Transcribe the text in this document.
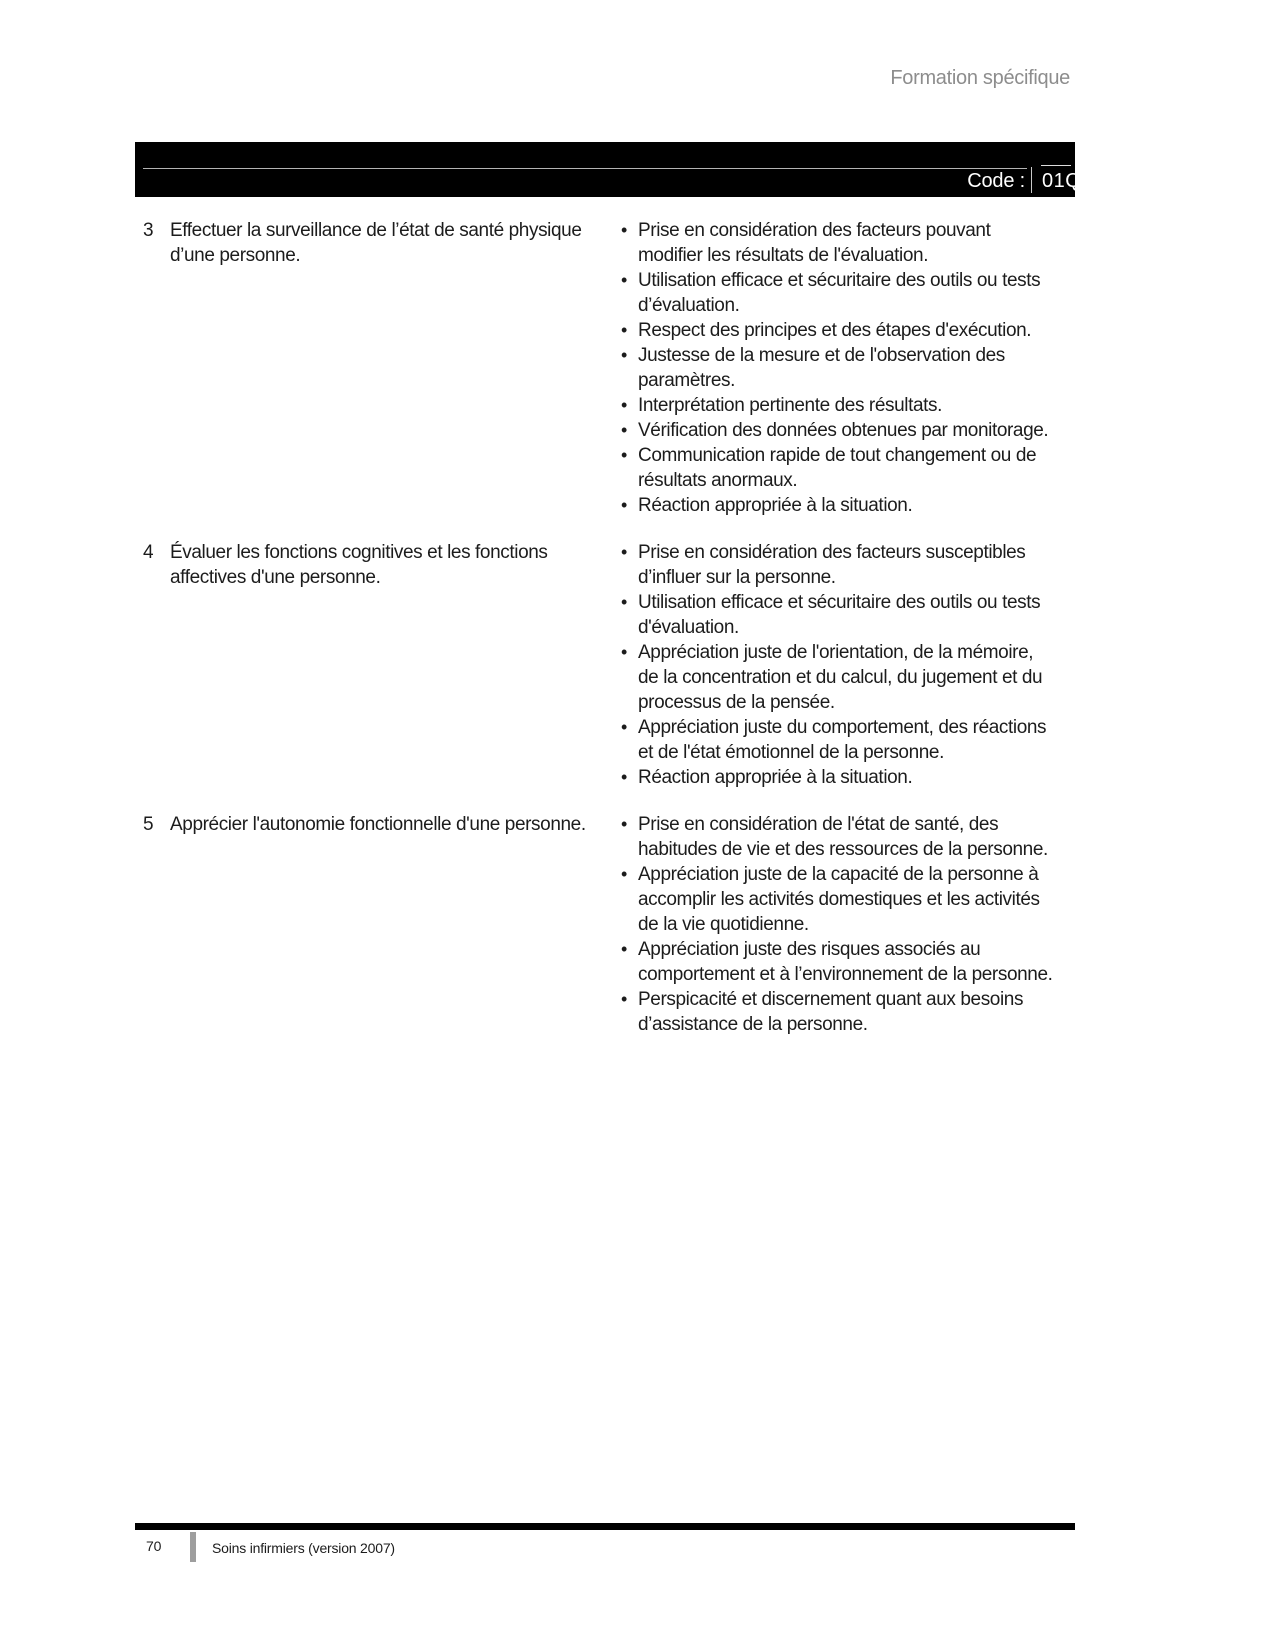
Formation spécifique
Code : 01Q4
3 Effectuer la surveillance de l’état de santé physique d’une personne.

• Prise en considération des facteurs pouvant modifier les résultats de l'évaluation.
• Utilisation efficace et sécuritaire des outils ou tests d’évaluation.
• Respect des principes et des étapes d'exécution.
• Justesse de la mesure et de l'observation des paramètres.
• Interprétation pertinente des résultats.
• Vérification des données obtenues par monitorage.
• Communication rapide de tout changement ou de résultats anormaux.
• Réaction appropriée à la situation.
4 Évaluer les fonctions cognitives et les fonctions affectives d'une personne.

• Prise en considération des facteurs susceptibles d’influer sur la personne.
• Utilisation efficace et sécuritaire des outils ou tests d'évaluation.
• Appréciation juste de l'orientation, de la mémoire, de la concentration et du calcul, du jugement et du processus de la pensée.
• Appréciation juste du comportement, des réactions et de l'état émotionnel de la personne.
• Réaction appropriée à la situation.
5 Apprécier l'autonomie fonctionnelle d'une personne.	• Prise en considération de l'état de santé, des habitudes de vie et des ressources de la personne.
• Appréciation juste de la capacité de la personne à accomplir les activités domestiques et les activités de la vie quotidienne.
• Appréciation juste des risques associés au comportement et à l’environnement de la personne.
• Perspicacité et discernement quant aux besoins d’assistance de la personne.
70	Soins infirmiers (version 2007)
